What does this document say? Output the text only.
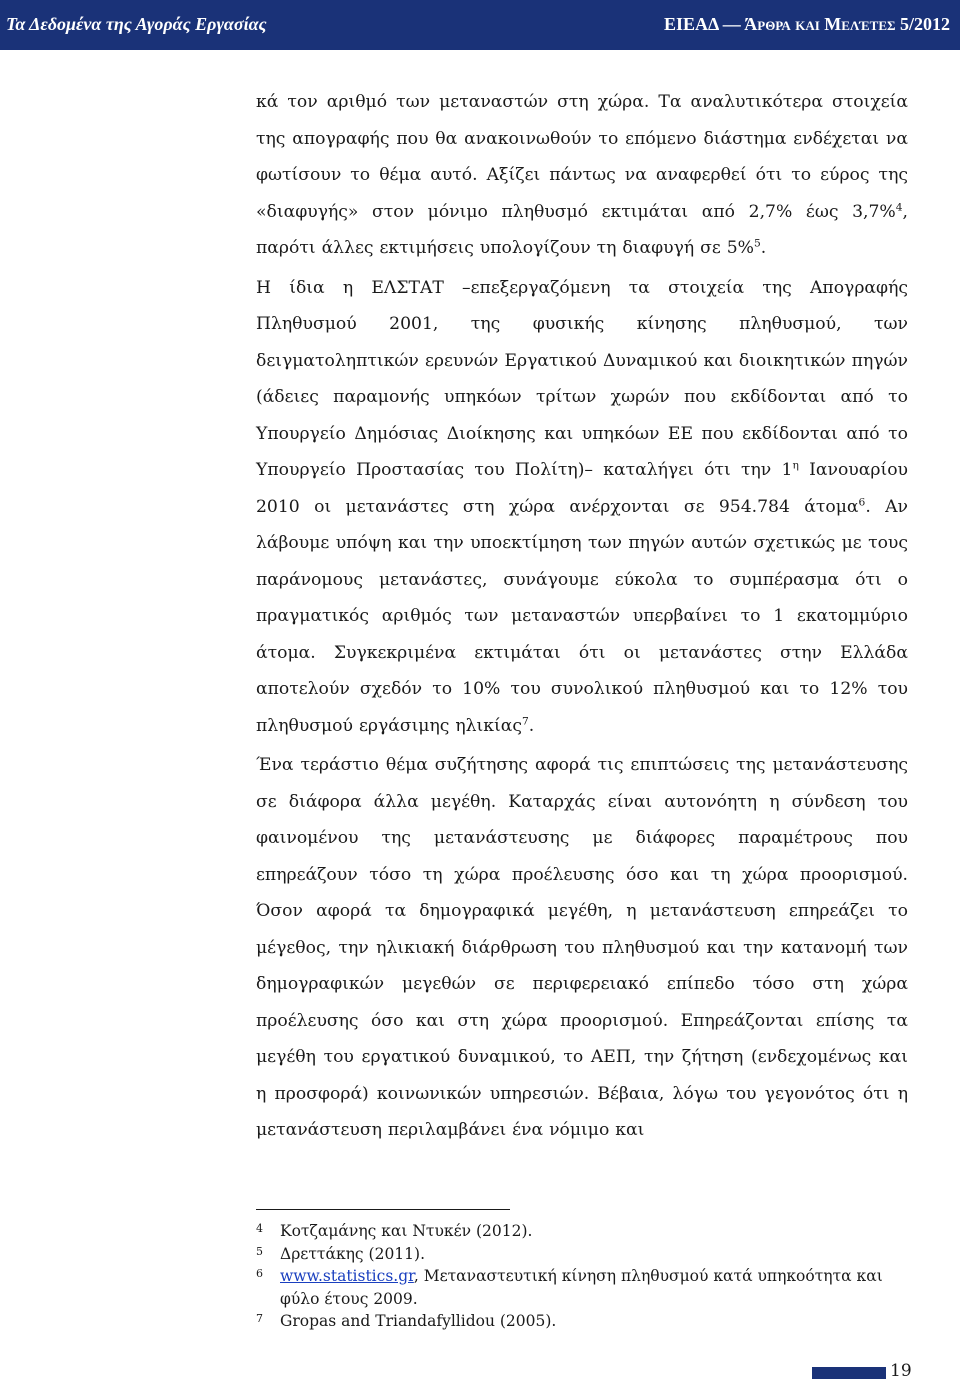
Τα Δεδομένα της Αγοράς Εργασίας	ΕΙΕΑΔ — Άρθρα και Μελέτες 5/2012

κά τον αριθμό των μεταναστών στη χώρα. Τα αναλυτικότερα στοιχεία της απογραφής που θα ανακοινωθούν το επόμενο διάστημα ενδέχεται να φωτίσουν το θέμα αυτό. Αξίζει πάντως να αναφερθεί ότι το εύρος της «διαφυγής» στον μόνιμο πληθυσμό εκτιμάται από 2,7% έως 3,7%$^4$, παρότι άλλες εκτιμήσεις υπολογίζουν τη διαφυγή σε 5%$^5$.

Η ίδια η ΕΛΣΤΑΤ –επεξεργαζόμενη τα στοιχεία της Απογραφής Πληθυσμού 2001, της φυσικής κίνησης πληθυσμού, των δειγματοληπτικών ερευνών Εργατικού Δυναμικού και διοικητικών πηγών (άδειες παραμονής υπηκόων τρίτων χωρών που εκδίδονται από το Υπουργείο Δημόσιας Διοίκησης και υπηκόων ΕΕ που εκδίδονται από το Υπουργείο Προστασίας του Πολίτη)– καταλήγει ότι την $1^\eta$ Ιανουαρίου 2010 οι μετανάστες στη χώρα ανέρχονται σε 954.784 άτομα$^6$. Αν λάβουμε υπόψη και την υποεκτίμηση των πηγών αυτών σχετικώς με τους παράνομους μετανάστες, συνάγουμε εύκολα το συμπέρασμα ότι ο πραγματικός αριθμός των μεταναστών υπερβαίνει το 1 εκατομμύριο άτομα. Συγκεκριμένα εκτιμάται ότι οι μετανάστες στην Ελλάδα αποτελούν σχεδόν το 10% του συνολικού πληθυσμού και το 12% του πληθυσμού εργάσιμης ηλικίας$^7$.

Ένα τεράστιο θέμα συζήτησης αφορά τις επιπτώσεις της μετανάστευσης σε διάφορα άλλα μεγέθη. Καταρχάς είναι αυτονόητη η σύνδεση του φαινομένου της μετανάστευσης με διάφορες παραμέτρους που επηρεάζουν τόσο τη χώρα προέλευσης όσο και τη χώρα προορισμού. Όσον αφορά τα δημογραφικά μεγέθη, η μετανάστευση επηρεάζει το μέγεθος, την ηλικιακή διάρθρωση του πληθυσμού και την κατανομή των δημογραφικών μεγεθών σε περιφερειακό επίπεδο τόσο στη χώρα προέλευσης όσο και στη χώρα προορισμού. Επηρεάζονται επίσης τα μεγέθη του εργατικού δυναμικού, το ΑΕΠ, την ζήτηση (ενδεχομένως και η προσφορά) κοινωνικών υπηρεσιών. Βέβαια, λόγω του γεγονότος ότι η μετανάστευση περιλαμβάνει ένα νόμιμο και

4	Κοτζαμάνης και Ντυκέν (2012).
5	Δρεττάκης (2011).
6	www.statistics.gr, Μεταναστευτική κίνηση πληθυσμού κατά υπηκοότητα και φύλο έτους 2009.
7	Gropas and Triandafyllidou (2005).
19
